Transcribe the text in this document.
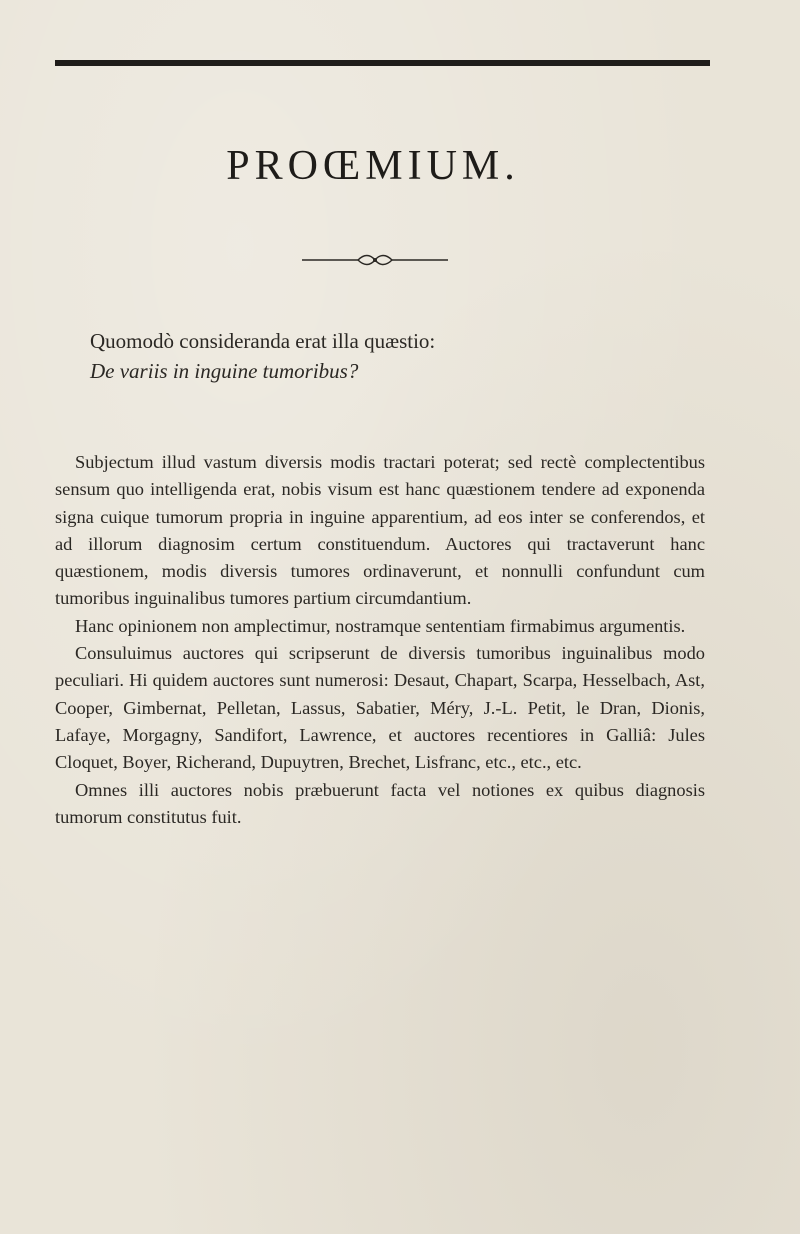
PROŒMIUM.
Quomodò consideranda erat illa quæstio:
De variis in inguine tumoribus?

Subjectum illud vastum diversis modis tractari poterat; sed rectè complectentibus sensum quo intelligenda erat, nobis visum est hanc quæstionem tendere ad exponenda signa cuique tumorum propria in inguine apparentium, ad eos inter se conferendos, et ad illorum diagnosim certum constituendum. Auctores qui tractaverunt hanc quæstionem, modis diversis tumores ordinaverunt, et nonnulli confundunt cum tumoribus inguinalibus tumores partium circumdantium.

Hanc opinionem non amplectimur, nostramque sententiam firmabimus argumentis.

Consuluimus auctores qui scripserunt de diversis tumoribus inguinalibus modo peculiari. Hi quidem auctores sunt numerosi: Desaut, Chapart, Scarpa, Hesselbach, Ast, Cooper, Gimbernat, Pelletan, Lassus, Sabatier, Méry, J.-L. Petit, le Dran, Dionis, Lafaye, Morgagny, Sandifort, Lawrence, et auctores recentiores in Galliâ: Jules Cloquet, Boyer, Richerand, Dupuytren, Brechet, Lisfranc, etc., etc., etc.

Omnes illi auctores nobis præbuerunt facta vel notiones ex quibus diagnosis tumorum constitutus fuit.
